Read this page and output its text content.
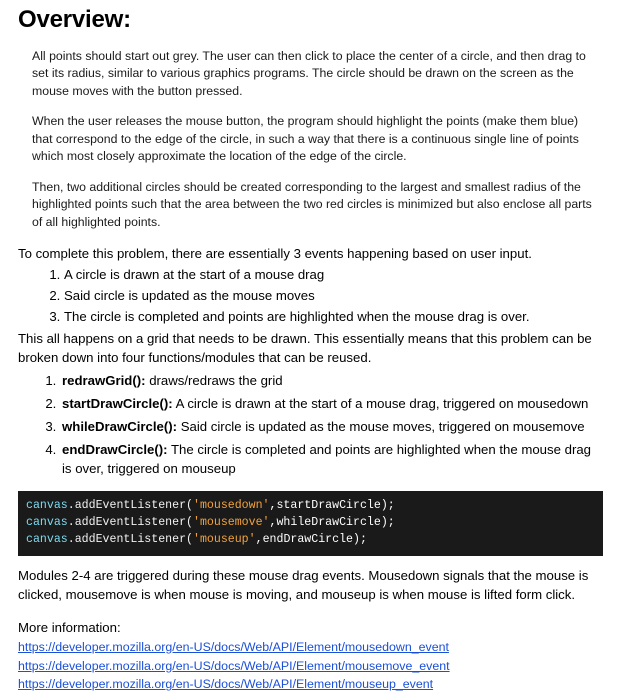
Overview:

All points should start out grey. The user can then click to place the center of a circle, and then drag to set its radius, similar to various graphics programs. The circle should be drawn on the screen as the mouse moves with the button pressed.

When the user releases the mouse button, the program should highlight the points (make them blue) that correspond to the edge of the circle, in such a way that there is a continuous single line of points which most closely approximate the location of the edge of the circle.

Then, two additional circles should be created corresponding to the largest and smallest radius of the highlighted points such that the area between the two red circles is minimized but also enclose all parts of all highlighted points.

To complete this problem, there are essentially 3 events happening based on user input.

1. A circle is drawn at the start of a mouse drag
2. Said circle is updated as the mouse moves
3. The circle is completed and points are highlighted when the mouse drag is over.

This all happens on a grid that needs to be drawn. This essentially means that this problem can be broken down into four functions/modules that can be reused.

1. redrawGrid(): draws/redraws the grid
2. startDrawCircle(): A circle is drawn at the start of a mouse drag, triggered on mousedown
3. whileDrawCircle(): Said circle is updated as the mouse moves, triggered on mousemove
4. endDrawCircle(): The circle is completed and points are highlighted when the mouse drag is over, triggered on mouseup
canvas.addEventListener('mousedown',startDrawCircle);
canvas.addEventListener('mousemove',whileDrawCircle);
canvas.addEventListener('mouseup',endDrawCircle);

Modules 2-4 are triggered during these mouse drag events. Mousedown signals that the mouse is clicked, mousemove is when mouse is moving, and mouseup is when mouse is lifted form click.

More information:

https://developer.mozilla.org/en-US/docs/Web/API/Element/mousedown_event
https://developer.mozilla.org/en-US/docs/Web/API/Element/mousemove_event
https://developer.mozilla.org/en-US/docs/Web/API/Element/mouseup_event
